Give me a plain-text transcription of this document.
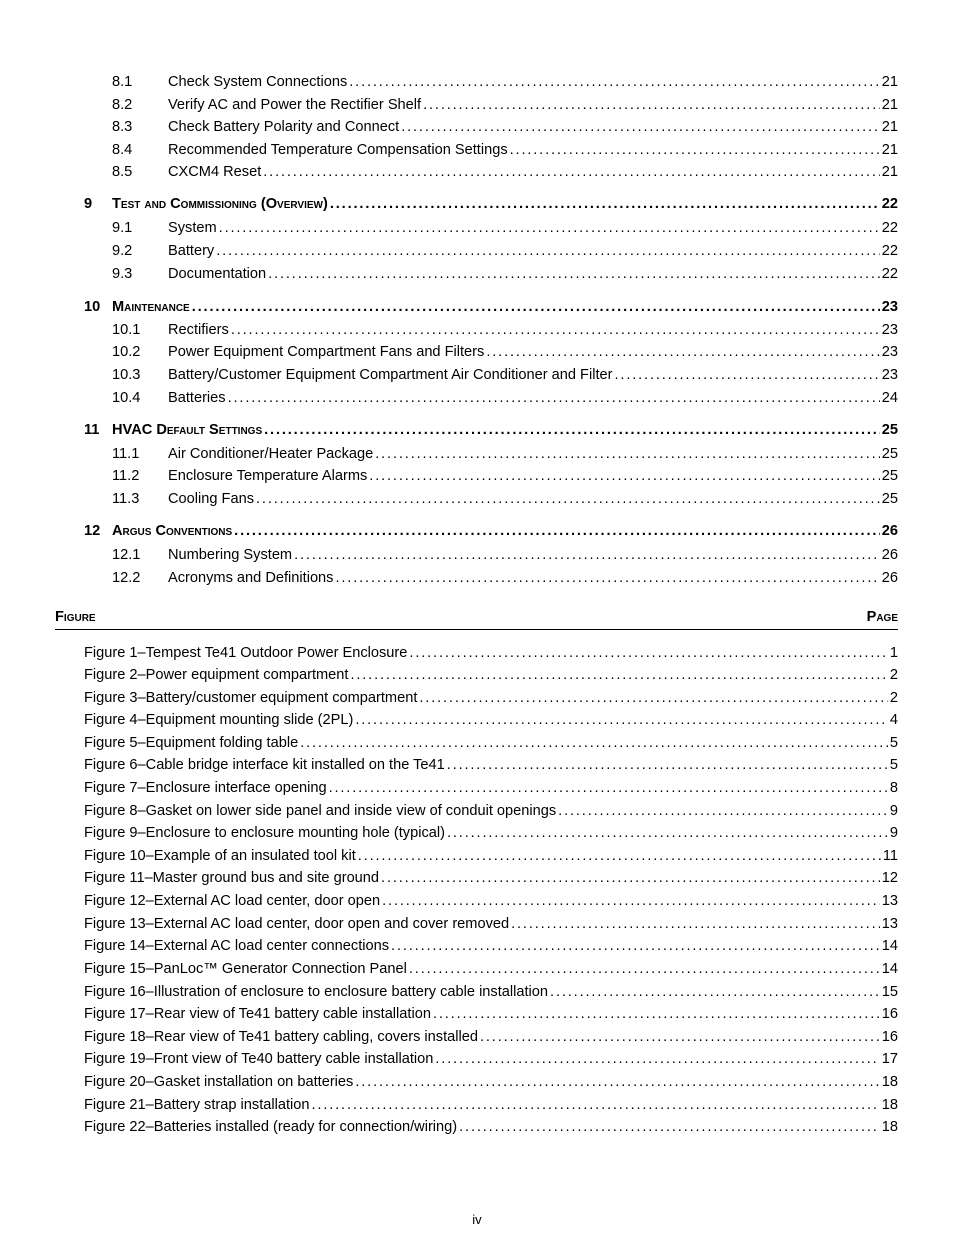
8.1	Check System Connections . . .	21
8.2	Verify AC and Power the Rectifier Shelf . . .	21
8.3	Check Battery Polarity and Connect . . .	21
8.4	Recommended Temperature Compensation Settings . . .	21
8.5	CXCM4 Reset . . .	21
9	Test and Commissioning (Overview) . . .	22
9.1	System . . .	22
9.2	Battery . . .	22
9.3	Documentation . . .	22
10 Maintenance . . .	23
10.1	Rectifiers . . .	23
10.2	Power Equipment Compartment Fans and Filters . . .	23
10.3	Battery/Customer Equipment Compartment Air Conditioner and Filter . . .	23
10.4	Batteries . . .	24
11 HVAC Default Settings . . .	25
11.1	Air Conditioner/Heater Package . . .	25
11.2	Enclosure Temperature Alarms . . .	25
11.3	Cooling Fans . . .	25
12 Argus Conventions . . .	26
12.1	Numbering System . . .	26
12.2	Acronyms and Definitions . . .	26
Figure	Page
Figure 1–Tempest Te41 Outdoor Power Enclosure . . .	1
Figure 2–Power equipment compartment . . .	2
Figure 3–Battery/customer equipment compartment . . .	2
Figure 4–Equipment mounting slide (2PL) . . .	4
Figure 5–Equipment folding table . . .	5
Figure 6–Cable bridge interface kit installed on the Te41 . . .	5
Figure 7–Enclosure interface opening . . .	8
Figure 8–Gasket on lower side panel and inside view of conduit openings . . .	9
Figure 9–Enclosure to enclosure mounting hole (typical) . . .	9
Figure 10–Example of an insulated tool kit . . .	11
Figure 11–Master ground bus and site ground . . .	12
Figure 12–External AC load center, door open . . .	13
Figure 13–External AC load center, door open and cover removed . . .	13
Figure 14–External AC load center connections . . .	14
Figure 15–PanLoc™ Generator Connection Panel . . .	14
Figure 16–Illustration of enclosure to enclosure battery cable installation . . .	15
Figure 17–Rear view of Te41 battery cable installation . . .	16
Figure 18–Rear view of Te41 battery cabling, covers installed . . .	16
Figure 19–Front view of Te40 battery cable installation . . .	17
Figure 20–Gasket installation on batteries . . .	18
Figure 21–Battery strap installation . . .	18
Figure 22–Batteries installed (ready for connection/wiring) . . .	18
iv
